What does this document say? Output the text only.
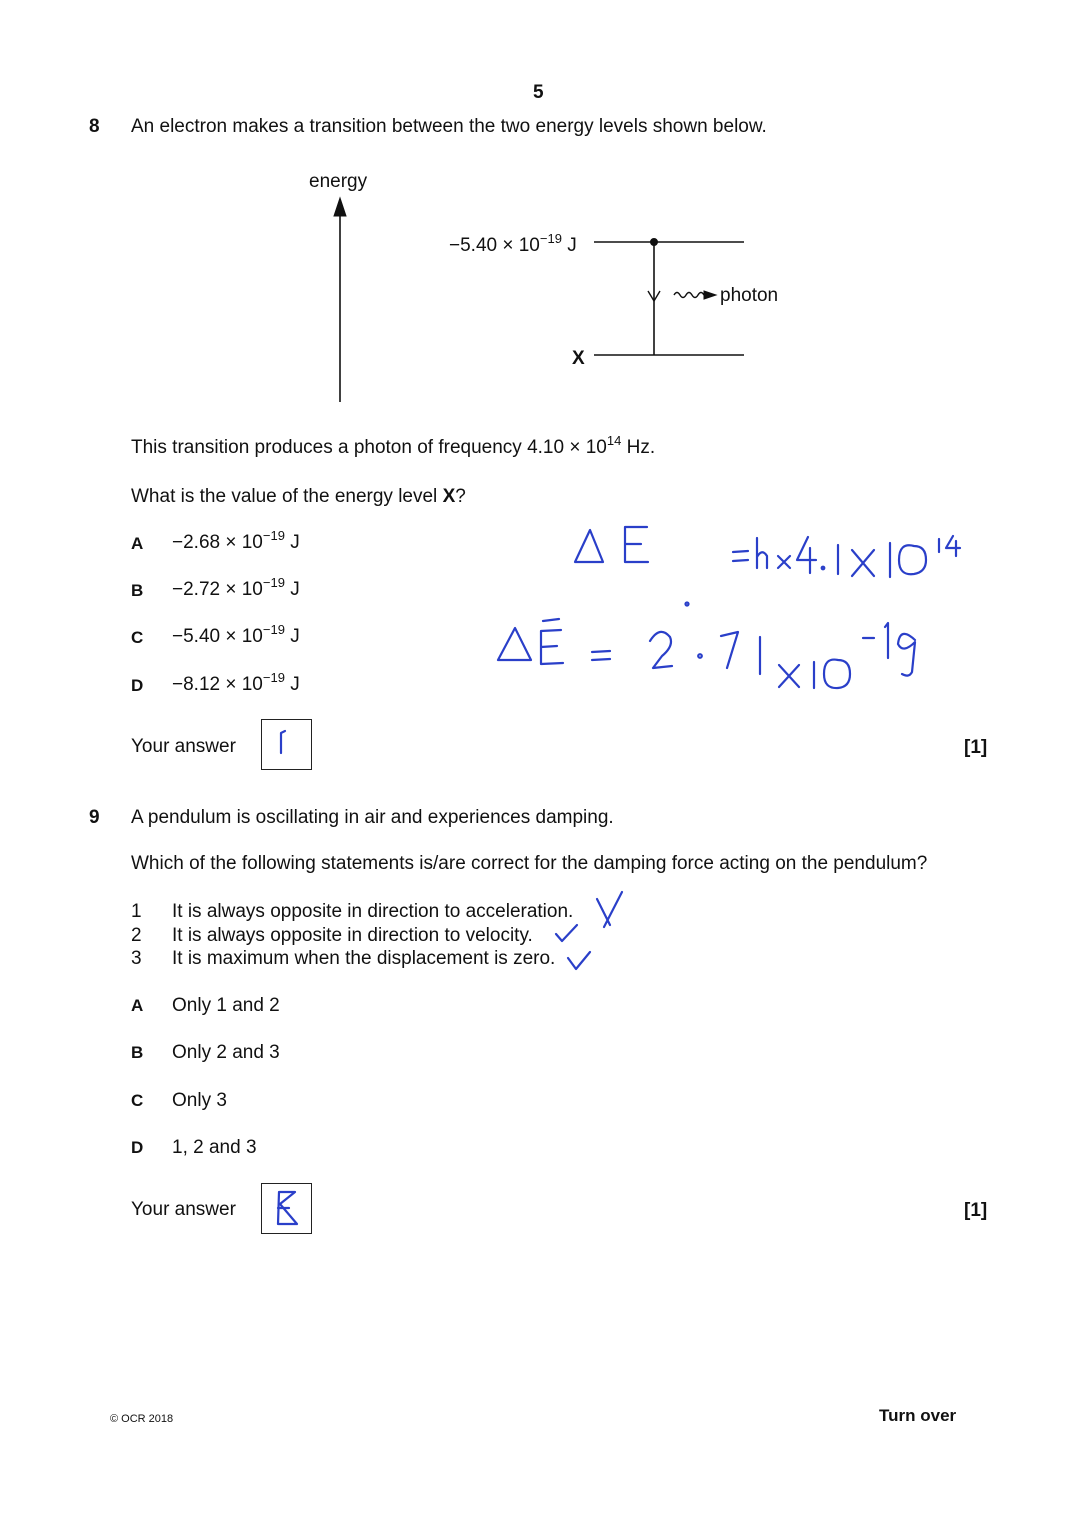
5
8 An electron makes a transition between the two energy levels shown below.
energy
$-5.40 \times 10^{-19}$ J
X
photon
This transition produces a photon of frequency $4.10 \times 10^{14}$ Hz.
What is the value of the energy level X?
$A -2.68 \times 10^{-19}$ J
$B -2.72 \times 10^{-19}$ J
$C -5.40 \times 10^{-19}$ J
$D -8.12 \times 10^{-19}$ J
Your answer	[1]
9 A pendulum is oscillating in air and experiences damping.
Which of the following statements is/are correct for the damping force acting on the pendulum?
1 It is always opposite in direction to acceleration.
2 It is always opposite in direction to velocity.
3 It is maximum when the displacement is zero.
A Only 1 and 2
B Only 2 and 3
C Only 3
D 1, 2 and 3
Your answer	[1]
© OCR 2018	Turn over
